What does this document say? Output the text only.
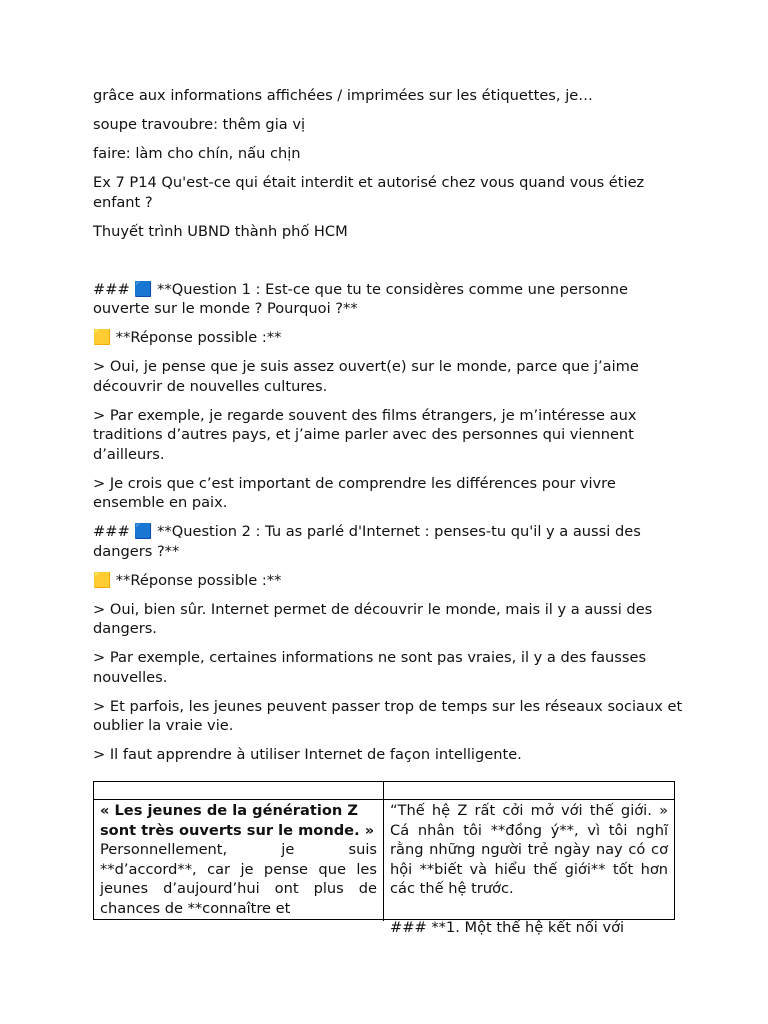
grâce aux informations affichées / imprimées sur les étiquettes, je…

soupe travoubre: thêm gia vị

faire: làm cho chín, nấu chịn

Ex 7 P14 Qu'est-ce qui était interdit et autorisé chez vous quand vous étiez enfant ?

Thuyết trình UBND thành phố HCM

### 🟦 **Question 1 : Est-ce que tu te considères comme une personne ouverte sur le monde ? Pourquoi ?**

🟨 **Réponse possible :**

> Oui, je pense que je suis assez ouvert(e) sur le monde, parce que j’aime découvrir de nouvelles cultures.

> Par exemple, je regarde souvent des films étrangers, je m’intéresse aux traditions d’autres pays, et j’aime parler avec des personnes qui viennent d’ailleurs.

> Je crois que c’est important de comprendre les différences pour vivre ensemble en paix.

### 🟦 **Question 2 : Tu as parlé d'Internet : penses-tu qu'il y a aussi des dangers ?**

🟨 **Réponse possible :**

> Oui, bien sûr. Internet permet de découvrir le monde, mais il y a aussi des dangers.

> Par exemple, certaines informations ne sont pas vraies, il y a des fausses nouvelles.

> Et parfois, les jeunes peuvent passer trop de temps sur les réseaux sociaux et oublier la vraie vie.

> Il faut apprendre à utiliser Internet de façon intelligente.

« Les jeunes de la génération Z sont très ouverts sur le monde. »
Personnellement, je suis **d’accord**, car je pense que les jeunes d’aujourd’hui ont plus de chances de **connaître et
“Thế hệ Z rất cởi mở với thế giới. » Cá nhân tôi **đồng ý**, vì tôi nghĩ rằng những người trẻ ngày nay có cơ hội **biết và hiểu thế giới** tốt hơn các thế hệ trước.
### **1. Một thế hệ kết nối với
